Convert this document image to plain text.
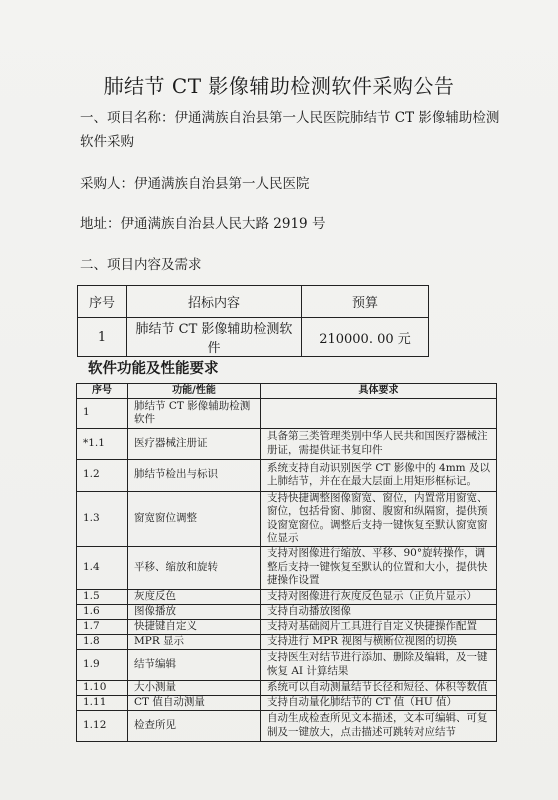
肺结节 CT 影像辅助检测软件采购公告
一、项目名称：伊通满族自治县第一人民医院肺结节 CT 影像辅助检测软件采购
采购人：伊通满族自治县第一人民医院
地址：伊通满族自治县人民大路 2919 号
二、项目内容及需求
序号	招标内容	预算
1	肺结节 CT 影像辅助检测软件	210000. 00 元
软件功能及性能要求
序号	功能/性能	具体要求
1	肺结节 CT 影像辅助检测软件	
*1.1	医疗器械注册证	具备第三类管理类别中华人民共和国医疗器械注册证，需提供证书复印件
1.2	肺结节检出与标识	系统支持自动识别医学 CT 影像中的 4mm 及以上肺结节，并在在最大层面上用矩形框标记。
1.3	窗宽窗位调整	支持快捷调整图像窗宽、窗位，内置常用窗宽、窗位，包括骨窗、肺窗、腹窗和纵隔窗，提供预设窗宽窗位。调整后支持一键恢复至默认窗宽窗位显示
1.4	平移、缩放和旋转	支持对图像进行缩放、平移、90°旋转操作，调整后支持一键恢复至默认的位置和大小，提供快捷操作设置
1.5	灰度反色	支持对图像进行灰度反色显示（正负片显示）
1.6	图像播放	支持自动播放图像
1.7	快捷键自定义	支持对基础阅片工具进行自定义快捷操作配置
1.8	MPR 显示	支持进行 MPR 视图与横断位视图的切换
1.9	结节编辑	支持医生对结节进行添加、删除及编辑，及一键恢复 AI 计算结果
1.10	大小测量	系统可以自动测量结节长径和短径、体积等数值
1.11	CT 值自动测量	支持自动量化肺结节的 CT 值（HU 值）
1.12	检查所见	自动生成检查所见文本描述，文本可编辑、可复制及一键放大，点击描述可跳转对应结节
